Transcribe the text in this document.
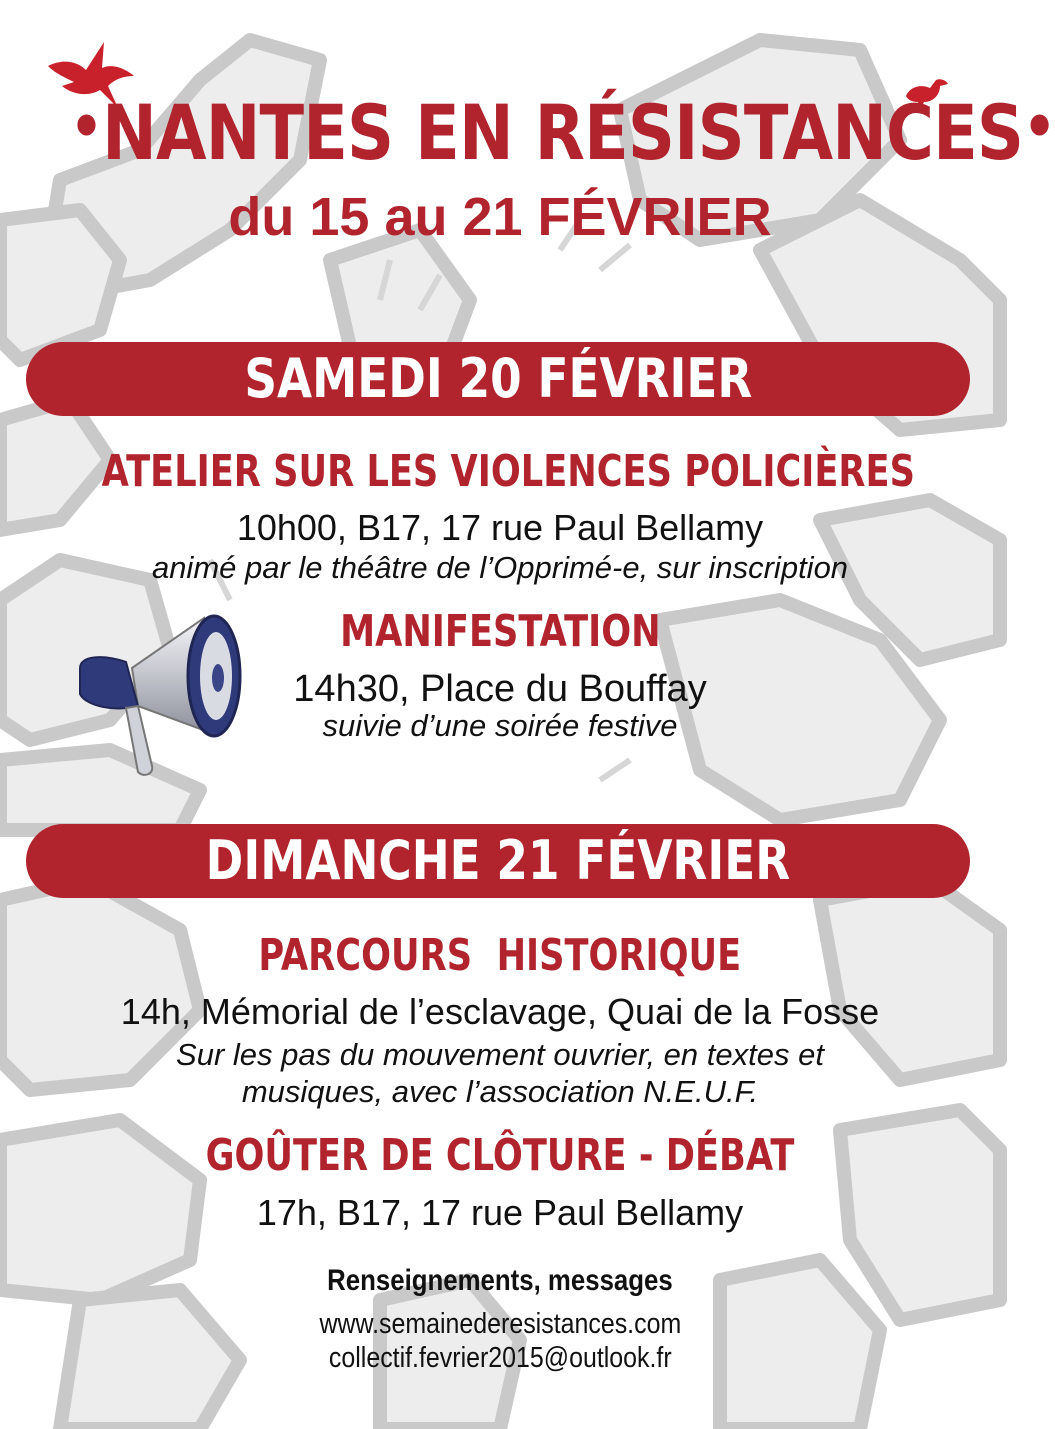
•NANTES EN RÉSISTANCES•
du 15 au 21 FÉVRIER
SAMEDI 20 FÉVRIER
ATELIER SUR LES VIOLENCES POLICIÈRES
10h00, B17, 17 rue Paul Bellamy
animé par le théâtre de l’Opprimé-e, sur inscription
MANIFESTATION
14h30, Place du Bouffay
suivie d’une soirée festive
DIMANCHE 21 FÉVRIER
PARCOURS  HISTORIQUE
14h, Mémorial de l’esclavage, Quai de la Fosse
Sur les pas du mouvement ouvrier, en textes et
musiques, avec l’association N.E.U.F.
GOÛTER DE CLÔTURE - DÉBAT
17h, B17, 17 rue Paul Bellamy
Renseignements, messages
www.semainederesistances.com
collectif.fevrier2015@outlook.fr
